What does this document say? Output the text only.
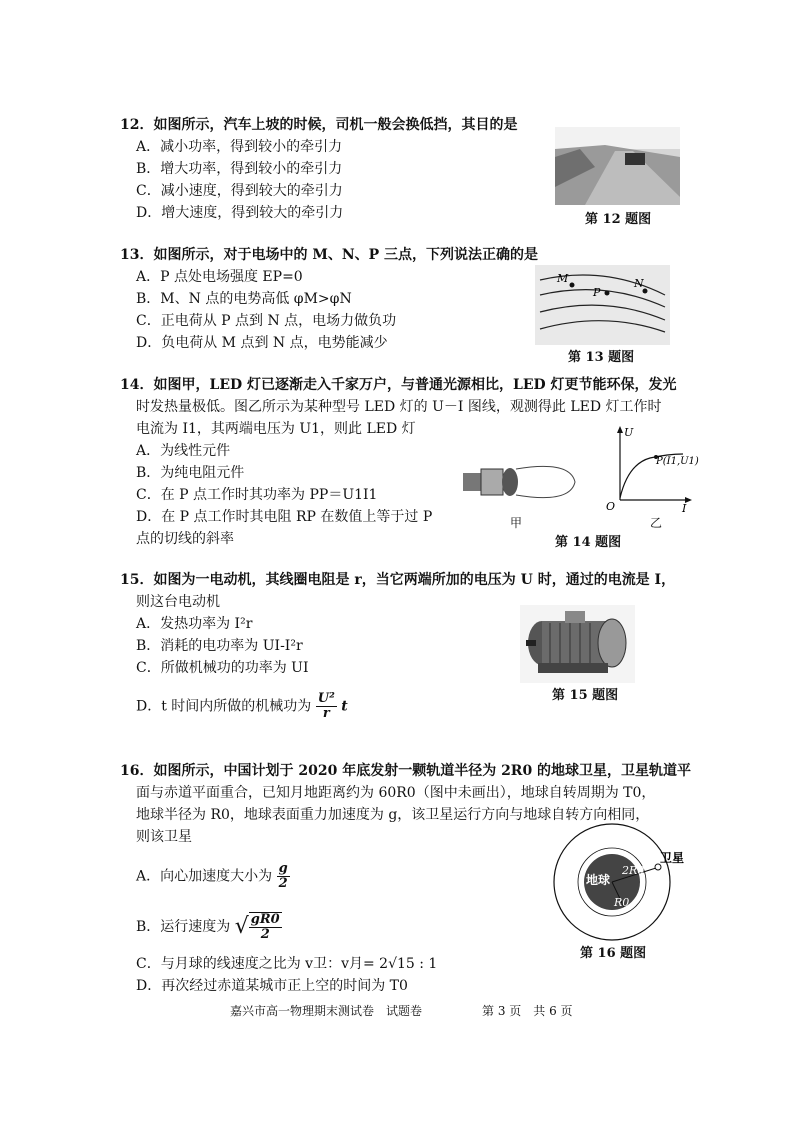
12．如图所示，汽车上坡的时候，司机一般会换低挡，其目的是
A．减小功率，得到较小的牵引力
B．增大功率，得到较小的牵引力
C．减小速度，得到较大的牵引力
D．增大速度，得到较大的牵引力	第 12 题图
13．如图所示，对于电场中的 M、N、P 三点，下列说法正确的是
A．P 点处电场强度 EP=0
B．M、N 点的电势高低 φM>φN
C．正电荷从 P 点到 N 点，电场力做负功
D．负电荷从 M 点到 N 点，电势能减少
M
P
N
第 13 题图
14．如图甲，LED 灯已逐渐走入千家万户，与普通光源相比，LED 灯更节能环保，发光
时发热量极低。图乙所示为某种型号 LED 灯的 U－I 图线，观测得此 LED 灯工作时
电流为 I1，其两端电压为 U1，则此 LED 灯
A．为线性元件
B．为纯电阻元件
C．在 P 点工作时其功率为 PP＝U1I1
D．在 P 点工作时其电阻 RP 在数值上等于过 P
点的切线的斜率
甲
U
I
O
P(I1,U1)
乙
第 14 题图
15．如图为一电动机，其线圈电阻是 r，当它两端所加的电压为 U 时，通过的电流是 I，
则这台电动机
A．发热功率为 I²r
B．消耗的电功率为 UI-I²r
C．所做机械功的功率为 UI
D．t 时间内所做的机械功为 $\frac{\text{U²}}{r}$ t
第 15 题图
16．如图所示，中国计划于 2020 年底发射一颗轨道半径为 2R0 的地球卫星，卫星轨道平
面与赤道平面重合，已知月地距离约为 60R0（图中未画出），地球自转周期为 T0，
地球半径为 R0，地球表面重力加速度为 g，该卫星运行方向与地球自转方向相同，
则该卫星
A．向心加速度大小为 $\frac{g}{2}$
B．运行速度为 √ $\frac{gR0}{2}$
C．与月球的线速度之比为 v卫：v月= 2√15 : 1
D．再次经过赤道某城市正上空的时间为 T0
地球
2R0
R0
卫星
第 16 题图
嘉兴市高一物理期末测试卷　试题卷	第 3 页　共 6 页
